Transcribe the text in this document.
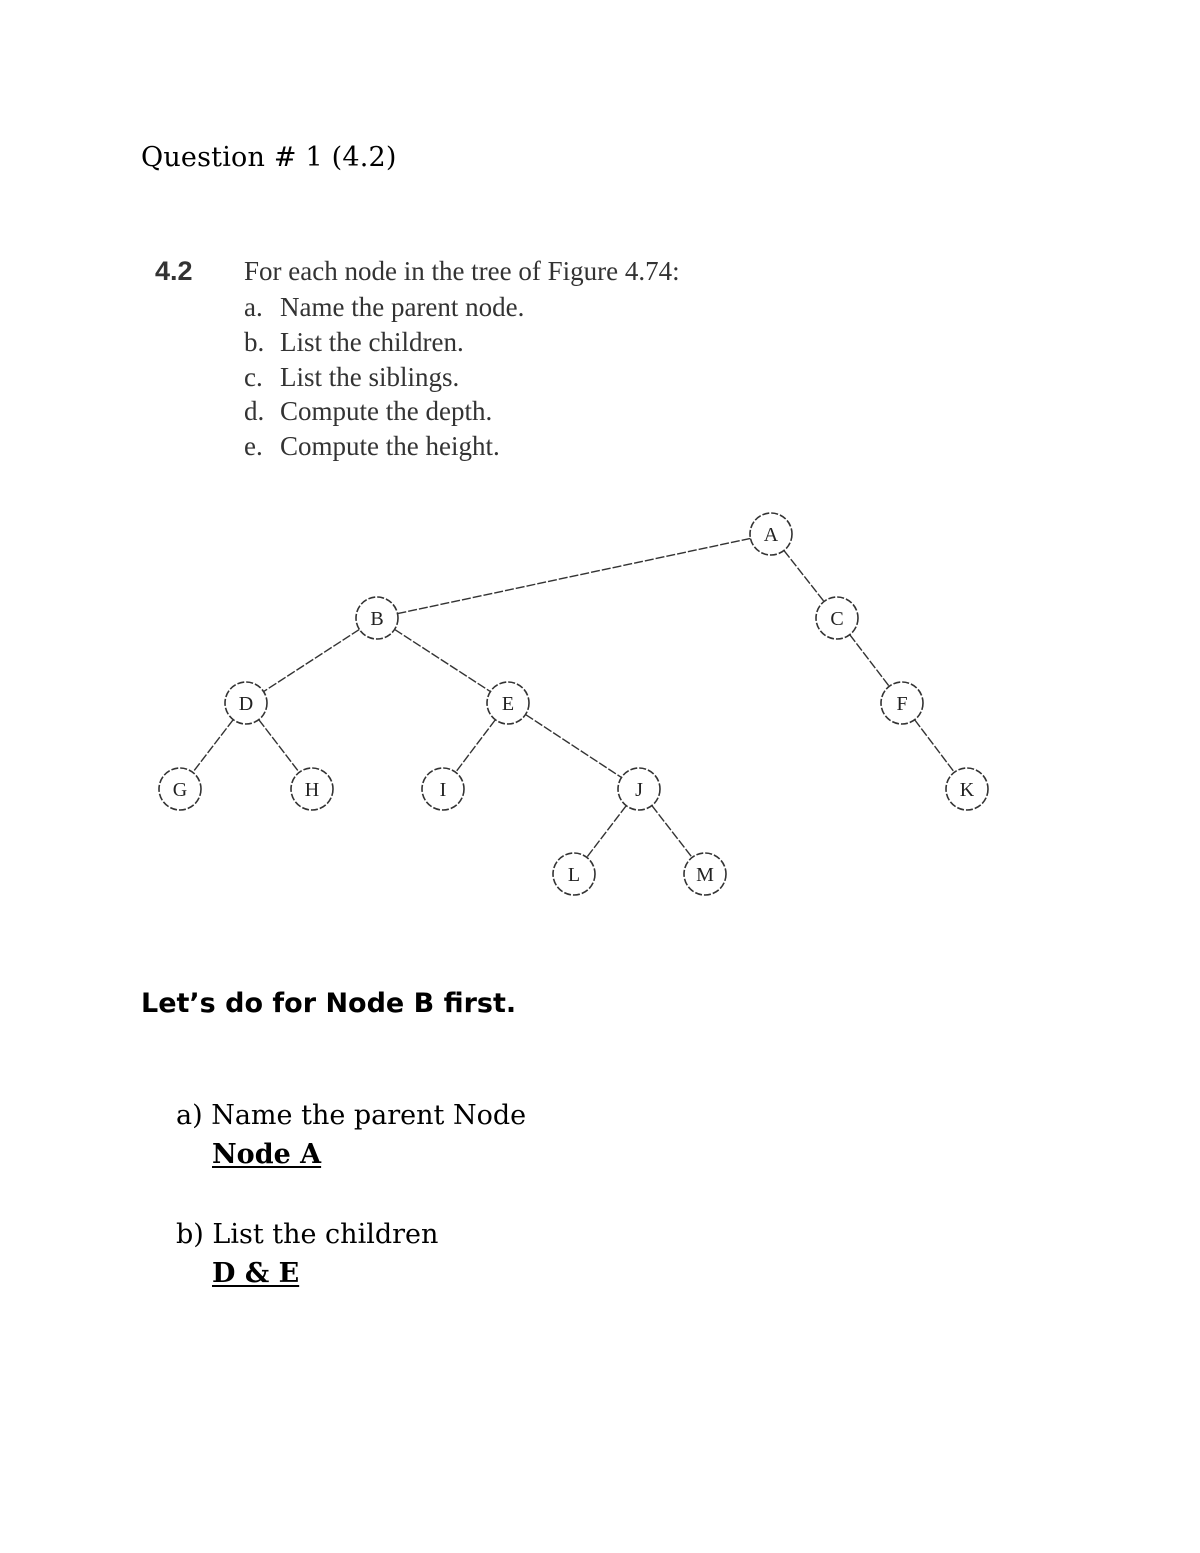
Question # 1 (4.2)
4.2 For each node in the tree of Figure 4.74:
a. Name the parent node.
b. List the children.
c. List the siblings.
d. Compute the depth.
e. Compute the height.
A
B	C
D	E	F
G	H	I	J	K
L	M
Let’s do for Node B first.
a) Name the parent Node
Node A
b) List the children
D & E
